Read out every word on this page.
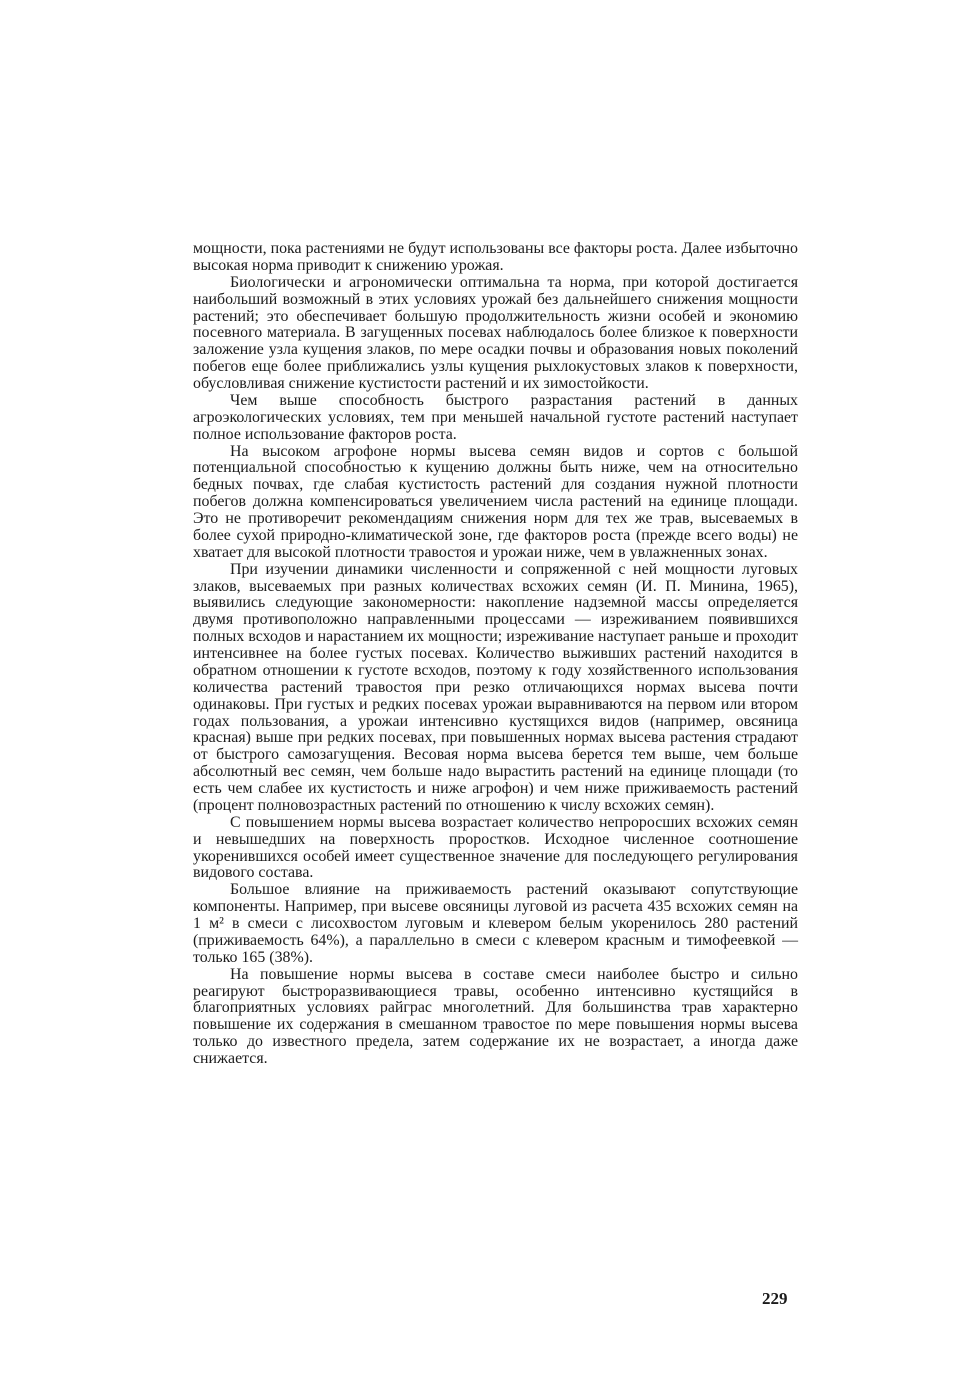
мощности, пока растениями не будут использованы все факторы роста. Далее избыточно высокая норма приводит к снижению урожая.

Биологически и агрономически оптимальна та норма, при которой достигается наибольший возможный в этих условиях урожай без дальнейшего снижения мощности растений; это обеспечивает большую продолжительность жизни особей и экономию посевного материала. В загущенных посевах наблюдалось более близкое к поверхности заложение узла кущения злаков, по мере осадки почвы и образования новых поколений побегов еще более приближались узлы кущения рыхлокустовых злаков к поверхности, обусловливая снижение кустистости растений и их зимостойкости.

Чем выше способность быстрого разрастания растений в данных агроэкологических условиях, тем при меньшей начальной густоте растений наступает полное использование факторов роста.

На высоком агрофоне нормы высева семян видов и сортов с большой потенциальной способностью к кущению должны быть ниже, чем на относительно бедных почвах, где слабая кустистость растений для создания нужной плотности побегов должна компенсироваться увеличением числа растений на единице площади. Это не противоречит рекомендациям снижения норм для тех же трав, высеваемых в более сухой природно-климатической зоне, где факторов роста (прежде всего воды) не хватает для высокой плотности травостоя и урожаи ниже, чем в увлажненных зонах.

При изучении динамики численности и сопряженной с ней мощности луговых злаков, высеваемых при разных количествах всхожих семян (И. П. Минина, 1965), выявились следующие закономерности: накопление надземной массы определяется двумя противоположно направленными процессами — изреживанием появившихся полных всходов и нарастанием их мощности; изреживание наступает раньше и проходит интенсивнее на более густых посевах. Количество выживших растений находится в обратном отношении к густоте всходов, поэтому к году хозяйственного использования количества растений травостоя при резко отличающихся нормах высева почти одинаковы. При густых и редких посевах урожаи выравниваются на первом или втором годах пользования, а урожаи интенсивно кустящихся видов (например, овсяница красная) выше при редких посевах, при повышенных нормах высева растения страдают от быстрого самозагущения. Весовая норма высева берется тем выше, чем больше абсолютный вес семян, чем больше надо вырастить растений на единице площади (то есть чем слабее их кустистость и ниже агрофон) и чем ниже приживаемость растений (процент полновозрастных растений по отношению к числу всхожих семян).

С повышением нормы высева возрастает количество непроросших всхожих семян и невышедших на поверхность проростков. Исходное численное соотношение укоренившихся особей имеет существенное значение для последующего регулирования видового состава.

Большое влияние на приживаемость растений оказывают сопутствующие компоненты. Например, при высеве овсяницы луговой из расчета 435 всхожих семян на 1 м² в смеси с лисохвостом луговым и клевером белым укоренилось 280 растений (приживаемость 64%), а параллельно в смеси с клевером красным и тимофеевкой — только 165 (38%).

На повышение нормы высева в составе смеси наиболее быстро и сильно реагируют быстроразвивающиеся травы, особенно интенсивно кустящийся в благоприятных условиях райграс многолетний. Для большинства трав характерно повышение их содержания в смешанном травостое по мере повышения нормы высева только до известного предела, затем содержание их не возрастает, а иногда даже снижается.

229
